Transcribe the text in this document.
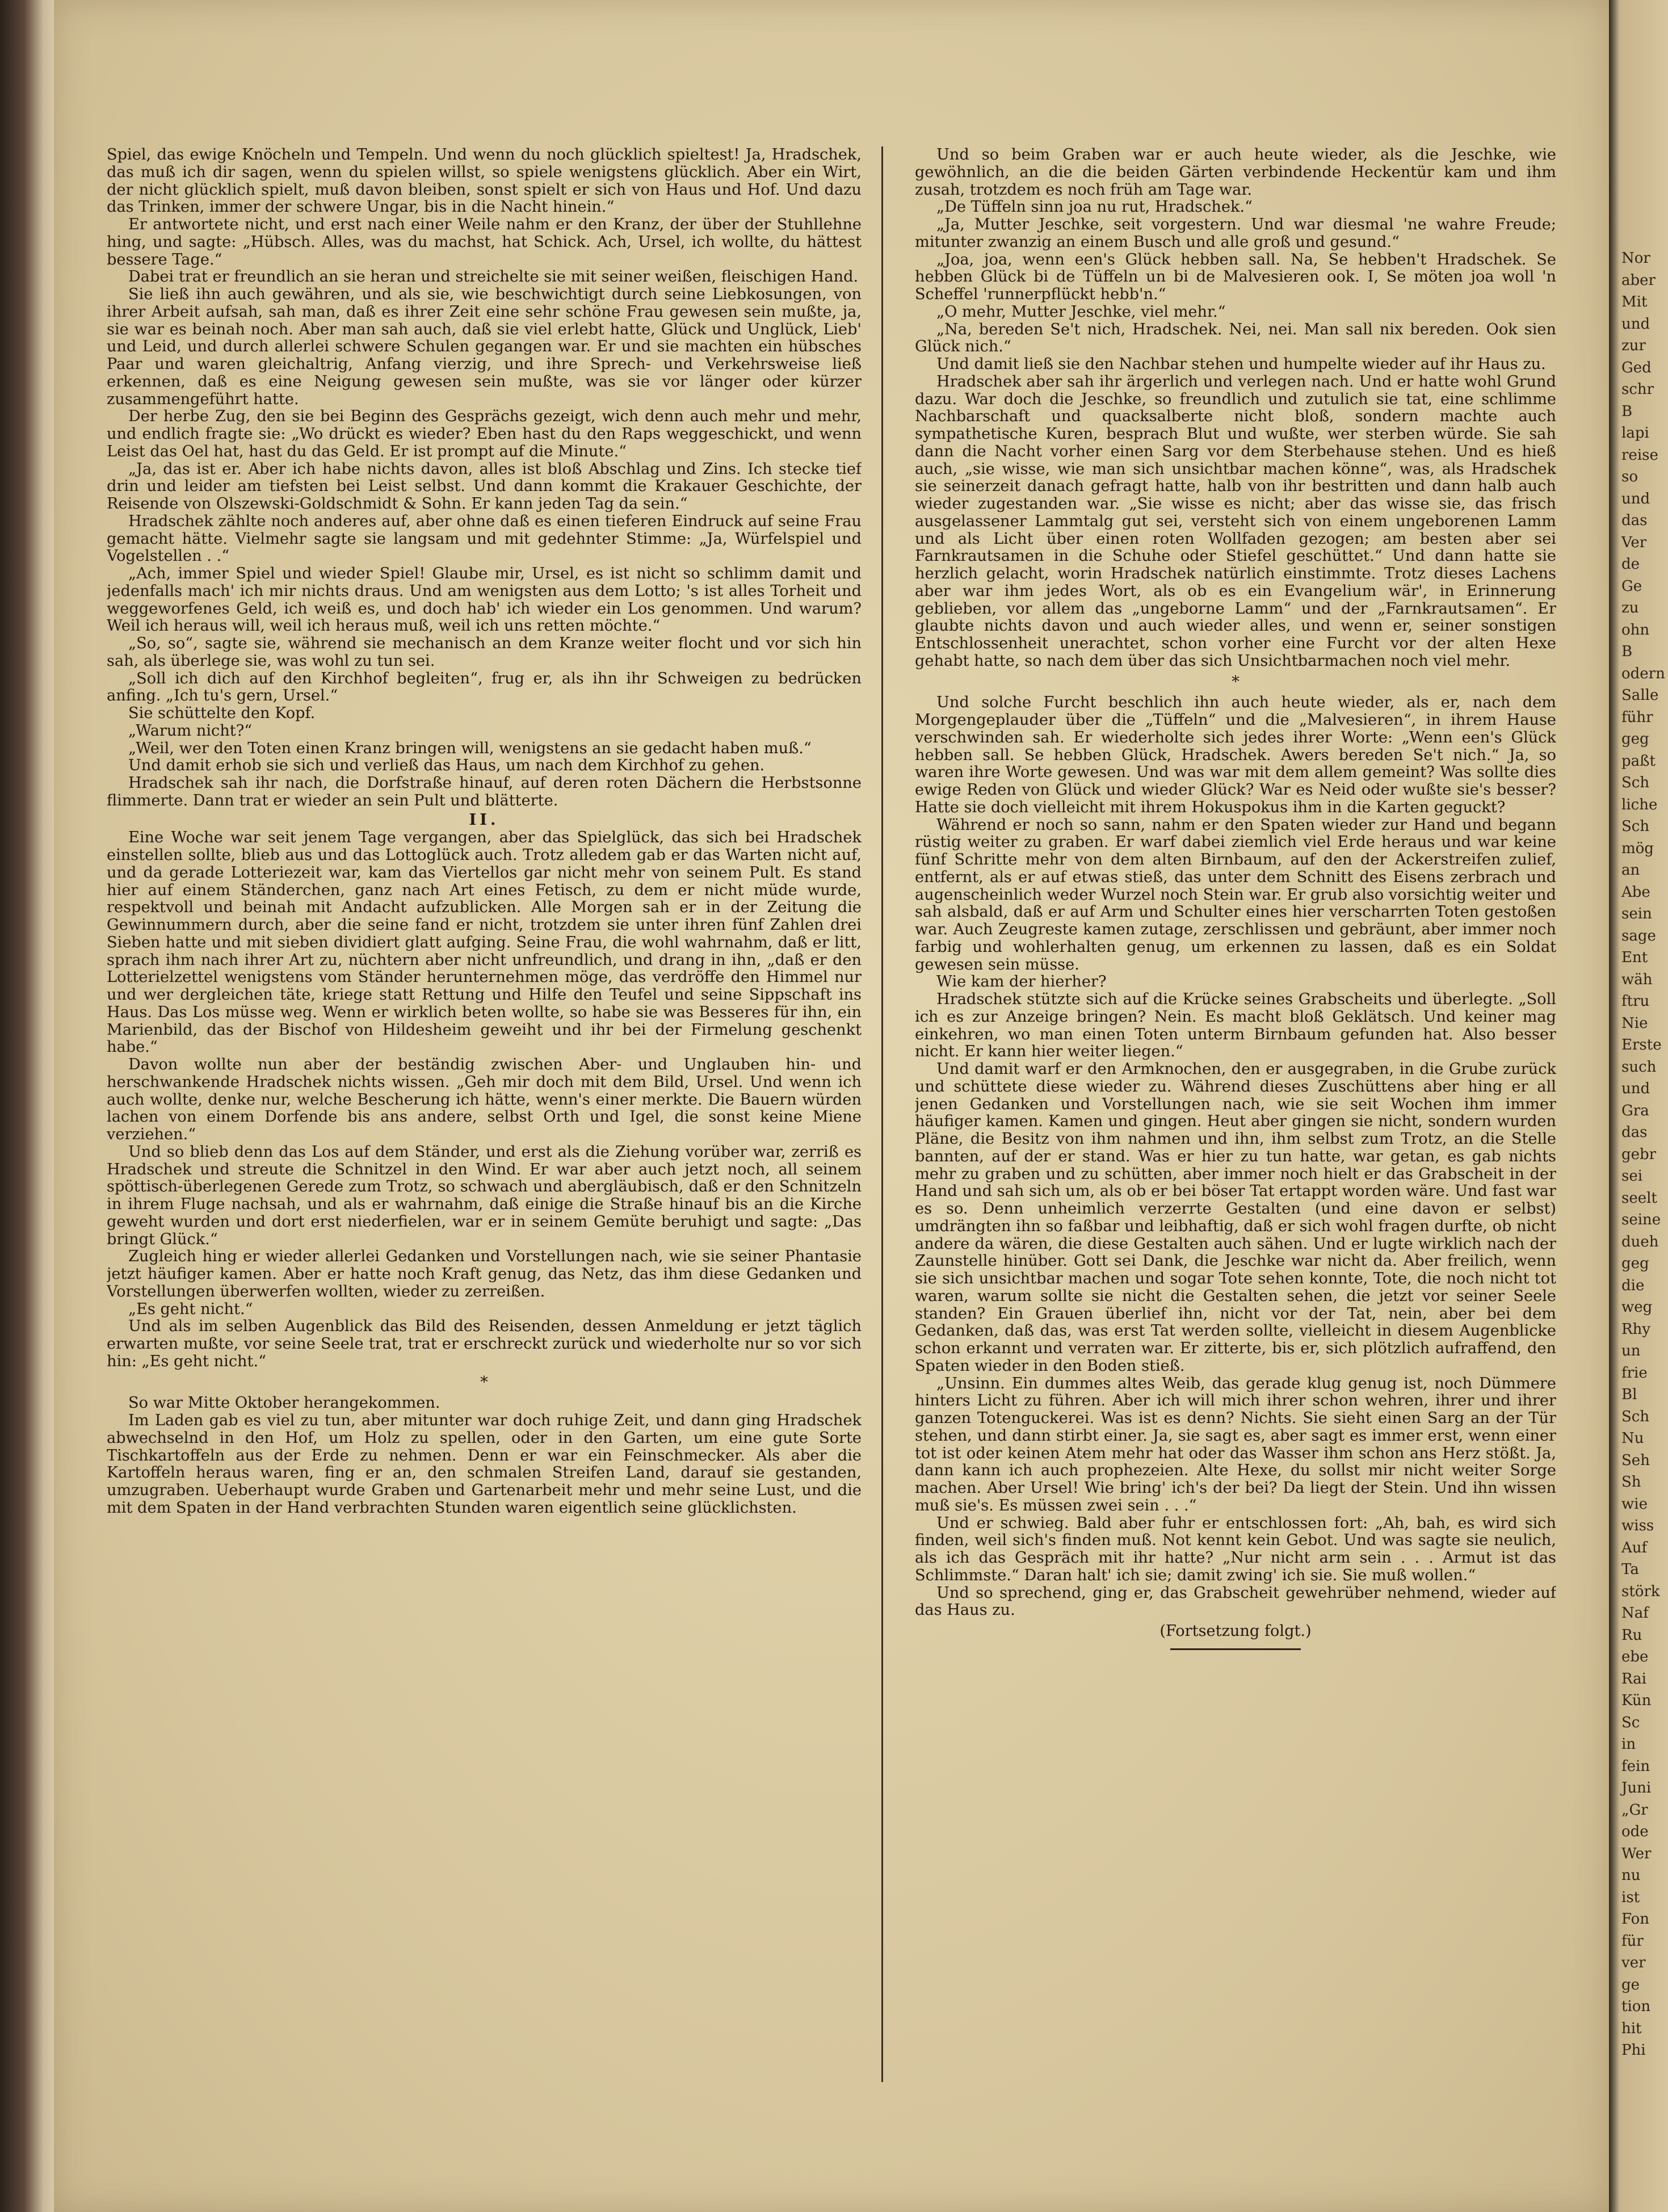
Spiel, das ewige Knöcheln und Tempeln. Und wenn du noch glücklich spieltest! Ja, Hradschek, das muß ich dir sagen, wenn du spielen willst, so spiele wenigstens glücklich. Aber ein Wirt, der nicht glücklich spielt, muß davon bleiben, sonst spielt er sich von Haus und Hof. Und dazu das Trinken, immer der schwere Ungar, bis in die Nacht hinein.“

Er antwortete nicht, und erst nach einer Weile nahm er den Kranz, der über der Stuhllehne hing, und sagte: „Hübsch. Alles, was du machst, hat Schick. Ach, Ursel, ich wollte, du hättest bessere Tage.“

Dabei trat er freundlich an sie heran und streichelte sie mit seiner weißen, fleischigen Hand.

Sie ließ ihn auch gewähren, und als sie, wie beschwichtigt durch seine Liebkosungen, von ihrer Arbeit aufsah, sah man, daß es ihrer Zeit eine sehr schöne Frau gewesen sein mußte, ja, sie war es beinah noch. Aber man sah auch, daß sie viel erlebt hatte, Glück und Unglück, Lieb' und Leid, und durch allerlei schwere Schulen gegangen war. Er und sie machten ein hübsches Paar und waren gleichaltrig, Anfang vierzig, und ihre Sprech- und Verkehrsweise ließ erkennen, daß es eine Neigung gewesen sein mußte, was sie vor länger oder kürzer zusammengeführt hatte.

Der herbe Zug, den sie bei Beginn des Gesprächs gezeigt, wich denn auch mehr und mehr, und endlich fragte sie: „Wo drückt es wieder? Eben hast du den Raps weggeschickt, und wenn Leist das Oel hat, hast du das Geld. Er ist prompt auf die Minute.“

„Ja, das ist er. Aber ich habe nichts davon, alles ist bloß Abschlag und Zins. Ich stecke tief drin und leider am tiefsten bei Leist selbst. Und dann kommt die Krakauer Geschichte, der Reisende von Olszewski-Goldschmidt & Sohn. Er kann jeden Tag da sein.“

Hradschek zählte noch anderes auf, aber ohne daß es einen tieferen Eindruck auf seine Frau gemacht hätte. Vielmehr sagte sie langsam und mit gedehnter Stimme: „Ja, Würfelspiel und Vogelstellen . .“

„Ach, immer Spiel und wieder Spiel! Glaube mir, Ursel, es ist nicht so schlimm damit und jedenfalls mach' ich mir nichts draus. Und am wenigsten aus dem Lotto; 's ist alles Torheit und weggeworfenes Geld, ich weiß es, und doch hab' ich wieder ein Los genommen. Und warum? Weil ich heraus will, weil ich heraus muß, weil ich uns retten möchte.“

„So, so“, sagte sie, während sie mechanisch an dem Kranze weiter flocht und vor sich hin sah, als überlege sie, was wohl zu tun sei.

„Soll ich dich auf den Kirchhof begleiten“, frug er, als ihn ihr Schweigen zu bedrücken anfing. „Ich tu's gern, Ursel.“

Sie schüttelte den Kopf.

„Warum nicht?“

„Weil, wer den Toten einen Kranz bringen will, wenigstens an sie gedacht haben muß.“

Und damit erhob sie sich und verließ das Haus, um nach dem Kirchhof zu gehen.

Hradschek sah ihr nach, die Dorfstraße hinauf, auf deren roten Dächern die Herbstsonne flimmerte. Dann trat er wieder an sein Pult und blätterte.

II.

Eine Woche war seit jenem Tage vergangen, aber das Spielglück, das sich bei Hradschek einstellen sollte, blieb aus und das Lottoglück auch. Trotz alledem gab er das Warten nicht auf, und da gerade Lotteriezeit war, kam das Viertellos gar nicht mehr von seinem Pult. Es stand hier auf einem Ständerchen, ganz nach Art eines Fetisch, zu dem er nicht müde wurde, respektvoll und beinah mit Andacht aufzublicken. Alle Morgen sah er in der Zeitung die Gewinnummern durch, aber die seine fand er nicht, trotzdem sie unter ihren fünf Zahlen drei Sieben hatte und mit sieben dividiert glatt aufging. Seine Frau, die wohl wahrnahm, daß er litt, sprach ihm nach ihrer Art zu, nüchtern aber nicht unfreundlich, und drang in ihn, „daß er den Lotterielzettel wenigstens vom Ständer herunternehmen möge, das verdröffe den Himmel nur und wer dergleichen täte, kriege statt Rettung und Hilfe den Teufel und seine Sippschaft ins Haus. Das Los müsse weg. Wenn er wirklich beten wollte, so habe sie was Besseres für ihn, ein Marienbild, das der Bischof von Hildesheim geweiht und ihr bei der Firmelung geschenkt habe.“

Davon wollte nun aber der beständig zwischen Aber- und Unglauben hin- und herschwankende Hradschek nichts wissen. „Geh mir doch mit dem Bild, Ursel. Und wenn ich auch wollte, denke nur, welche Bescherung ich hätte, wenn's einer merkte. Die Bauern würden lachen von einem Dorfende bis ans andere, selbst Orth und Igel, die sonst keine Miene verziehen.“

Und so blieb denn das Los auf dem Ständer, und erst als die Ziehung vorüber war, zerriß es Hradschek und streute die Schnitzel in den Wind. Er war aber auch jetzt noch, all seinem spöttisch-überlegenen Gerede zum Trotz, so schwach und abergläubisch, daß er den Schnitzeln in ihrem Fluge nachsah, und als er wahrnahm, daß einige die Straße hinauf bis an die Kirche geweht wurden und dort erst niederfielen, war er in seinem Gemüte beruhigt und sagte: „Das bringt Glück.“

Zugleich hing er wieder allerlei Gedanken und Vorstellungen nach, wie sie seiner Phantasie jetzt häufiger kamen. Aber er hatte noch Kraft genug, das Netz, das ihm diese Gedanken und Vorstellungen überwerfen wollten, wieder zu zerreißen.

„Es geht nicht.“

Und als im selben Augenblick das Bild des Reisenden, dessen Anmeldung er jetzt täglich erwarten mußte, vor seine Seele trat, trat er erschreckt zurück und wiederholte nur so vor sich hin: „Es geht nicht.“

*

So war Mitte Oktober herangekommen.

Im Laden gab es viel zu tun, aber mitunter war doch ruhige Zeit, und dann ging Hradschek abwechselnd in den Hof, um Holz zu spellen, oder in den Garten, um eine gute Sorte Tischkartoffeln aus der Erde zu nehmen. Denn er war ein Feinschmecker. Als aber die Kartoffeln heraus waren, fing er an, den schmalen Streifen Land, darauf sie gestanden, umzugraben. Ueberhaupt wurde Graben und Gartenarbeit mehr und mehr seine Lust, und die mit dem Spaten in der Hand verbrachten Stunden waren eigentlich seine glücklichsten.

Und so beim Graben war er auch heute wieder, als die Jeschke, wie gewöhnlich, an die die beiden Gärten verbindende Heckentür kam und ihm zusah, trotzdem es noch früh am Tage war.

„De Tüffeln sinn joa nu rut, Hradschek.“

„Ja, Mutter Jeschke, seit vorgestern. Und war diesmal 'ne wahre Freude; mitunter zwanzig an einem Busch und alle groß und gesund.“

„Joa, joa, wenn een's Glück hebben sall. Na, Se hebben't Hradschek. Se hebben Glück bi de Tüffeln un bi de Malvesieren ook. I, Se möten joa woll 'n Scheffel 'runnerpflückt hebb'n.“

„O mehr, Mutter Jeschke, viel mehr.“

„Na, bereden Se't nich, Hradschek. Nei, nei. Man sall nix bereden. Ook sien Glück nich.“

Und damit ließ sie den Nachbar stehen und humpelte wieder auf ihr Haus zu.

Hradschek aber sah ihr ärgerlich und verlegen nach. Und er hatte wohl Grund dazu. War doch die Jeschke, so freundlich und zutulich sie tat, eine schlimme Nachbarschaft und quacksalberte nicht bloß, sondern machte auch sympathetische Kuren, besprach Blut und wußte, wer sterben würde. Sie sah dann die Nacht vorher einen Sarg vor dem Sterbehause stehen. Und es hieß auch, „sie wisse, wie man sich unsichtbar machen könne“, was, als Hradschek sie seinerzeit danach gefragt hatte, halb von ihr bestritten und dann halb auch wieder zugestanden war. „Sie wisse es nicht; aber das wisse sie, das frisch ausgelassener Lammtalg gut sei, versteht sich von einem ungeborenen Lamm und als Licht über einen roten Wollfaden gezogen; am besten aber sei Farnkrautsamen in die Schuhe oder Stiefel geschüttet.“ Und dann hatte sie herzlich gelacht, worin Hradschek natürlich einstimmte. Trotz dieses Lachens aber war ihm jedes Wort, als ob es ein Evangelium wär', in Erinnerung geblieben, vor allem das „ungeborne Lamm“ und der „Farnkrautsamen“. Er glaubte nichts davon und auch wieder alles, und wenn er, seiner sonstigen Entschlossenheit unerachtet, schon vorher eine Furcht vor der alten Hexe gehabt hatte, so nach dem über das sich Unsichtbarmachen noch viel mehr.

*

Und solche Furcht beschlich ihn auch heute wieder, als er, nach dem Morgengeplauder über die „Tüffeln“ und die „Malvesieren“, in ihrem Hause verschwinden sah. Er wiederholte sich jedes ihrer Worte: „Wenn een's Glück hebben sall. Se hebben Glück, Hradschek. Awers bereden Se't nich.“ Ja, so waren ihre Worte gewesen. Und was war mit dem allem gemeint? Was sollte dies ewige Reden von Glück und wieder Glück? War es Neid oder wußte sie's besser? Hatte sie doch vielleicht mit ihrem Hokuspokus ihm in die Karten geguckt?

Während er noch so sann, nahm er den Spaten wieder zur Hand und begann rüstig weiter zu graben. Er warf dabei ziemlich viel Erde heraus und war keine fünf Schritte mehr von dem alten Birnbaum, auf den der Ackerstreifen zulief, entfernt, als er auf etwas stieß, das unter dem Schnitt des Eisens zerbrach und augenscheinlich weder Wurzel noch Stein war. Er grub also vorsichtig weiter und sah alsbald, daß er auf Arm und Schulter eines hier verscharrten Toten gestoßen war. Auch Zeugreste kamen zutage, zerschlissen und gebräunt, aber immer noch farbig und wohlerhalten genug, um erkennen zu lassen, daß es ein Soldat gewesen sein müsse.

Wie kam der hierher?

Hradschek stützte sich auf die Krücke seines Grabscheits und überlegte. „Soll ich es zur Anzeige bringen? Nein. Es macht bloß Geklätsch. Und keiner mag einkehren, wo man einen Toten unterm Birnbaum gefunden hat. Also besser nicht. Er kann hier weiter liegen.“

Und damit warf er den Armknochen, den er ausgegraben, in die Grube zurück und schüttete diese wieder zu. Während dieses Zuschüttens aber hing er all jenen Gedanken und Vorstellungen nach, wie sie seit Wochen ihm immer häufiger kamen. Kamen und gingen. Heut aber gingen sie nicht, sondern wurden Pläne, die Besitz von ihm nahmen und ihn, ihm selbst zum Trotz, an die Stelle bannten, auf der er stand. Was er hier zu tun hatte, war getan, es gab nichts mehr zu graben und zu schütten, aber immer noch hielt er das Grabscheit in der Hand und sah sich um, als ob er bei böser Tat ertappt worden wäre. Und fast war es so. Denn unheimlich verzerrte Gestalten (und eine davon er selbst) umdrängten ihn so faßbar und leibhaftig, daß er sich wohl fragen durfte, ob nicht andere da wären, die diese Gestalten auch sähen. Und er lugte wirklich nach der Zaunstelle hinüber. Gott sei Dank, die Jeschke war nicht da. Aber freilich, wenn sie sich unsichtbar machen und sogar Tote sehen konnte, Tote, die noch nicht tot waren, warum sollte sie nicht die Gestalten sehen, die jetzt vor seiner Seele standen? Ein Grauen überlief ihn, nicht vor der Tat, nein, aber bei dem Gedanken, daß das, was erst Tat werden sollte, vielleicht in diesem Augenblicke schon erkannt und verraten war. Er zitterte, bis er, sich plötzlich aufraffend, den Spaten wieder in den Boden stieß.

„Unsinn. Ein dummes altes Weib, das gerade klug genug ist, noch Dümmere hinters Licht zu führen. Aber ich will mich ihrer schon wehren, ihrer und ihrer ganzen Totenguckerei. Was ist es denn? Nichts. Sie sieht einen Sarg an der Tür stehen, und dann stirbt einer. Ja, sie sagt es, aber sagt es immer erst, wenn einer tot ist oder keinen Atem mehr hat oder das Wasser ihm schon ans Herz stößt. Ja, dann kann ich auch prophezeien. Alte Hexe, du sollst mir nicht weiter Sorge machen. Aber Ursel! Wie bring' ich's der bei? Da liegt der Stein. Und ihn wissen muß sie's. Es müssen zwei sein . . .“

Und er schwieg. Bald aber fuhr er entschlossen fort: „Ah, bah, es wird sich finden, weil sich's finden muß. Not kennt kein Gebot. Und was sagte sie neulich, als ich das Gespräch mit ihr hatte? „Nur nicht arm sein . . . Armut ist das Schlimmste.“ Daran halt' ich sie; damit zwing' ich sie. Sie muß wollen.“

Und so sprechend, ging er, das Grabscheit gewehrüber nehmend, wieder auf das Haus zu.

(Fortsetzung folgt.)

Nor
aber
Mit
und
zur
Ged
schr
B
lapi
reise
so
und
das
Ver
de
Ge
zu
ohn
B
odern
Salle
führ
geg
paßt
Sch
liche
Sch
mög
an
Abe
sein
sage
Ent
wäh
ftru
Nie
Erste
such
und
Gra
das
gebr
sei
seelt
seine
dueh
geg
die
weg
Rhy
un
frie
Bl
Sch
Nu
Seh
Sh
wie
wiss
Auf
Ta
störk
Naf
Ru
ebe
Rai
Kün
Sc
in
fein
Juni
„Gr
ode
Wer
nu
ist
Fon
für
ver
ge
tion
hit
Phi
